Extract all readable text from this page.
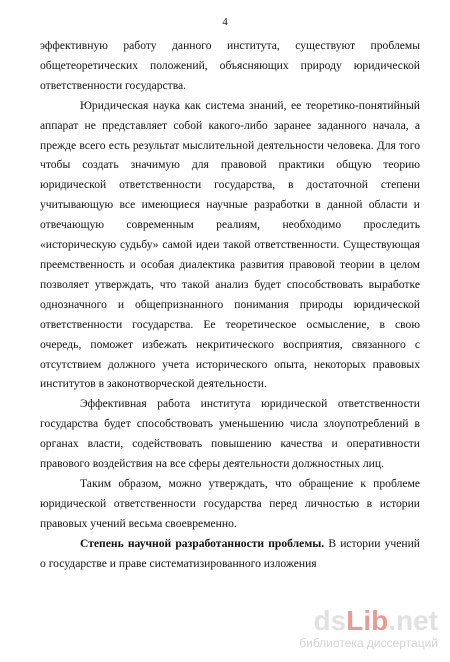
4

эффективную работу данного института, существуют проблемы общетеоретических положений, объясняющих природу юридической ответственности государства.

Юридическая наука как система знаний, ее теоретико-понятийный аппарат не представляет собой какого-либо заранее заданного начала, а прежде всего есть результат мыслительной деятельности человека. Для того чтобы создать значимую для правовой практики общую теорию юридической ответственности государства, в достаточной степени учитывающую все имеющиеся научные разработки в данной области и отвечающую современным реалиям, необходимо проследить «историческую судьбу» самой идеи такой ответственности. Существующая преемственность и особая диалектика развития правовой теории в целом позволяет утверждать, что такой анализ будет способствовать выработке однозначного и общепризнанного понимания природы юридической ответственности государства. Ее теоретическое осмысление, в свою очередь, поможет избежать некритического восприятия, связанного с отсутствием должного учета исторического опыта, некоторых правовых институтов в законотворческой деятельности.

Эффективная работа института юридической ответственности государства будет способствовать уменьшению числа злоупотреблений в органах власти, содействовать повышению качества и оперативности правового воздействия на все сферы деятельности должностных лиц.

Таким образом, можно утверждать, что обращение к проблеме юридической ответственности государства перед личностью в истории правовых учений весьма своевременно.

Степень научной разработанности проблемы. В истории учений о государстве и праве систематизированного изложения

dsLib.net
библиотека диссертаций
